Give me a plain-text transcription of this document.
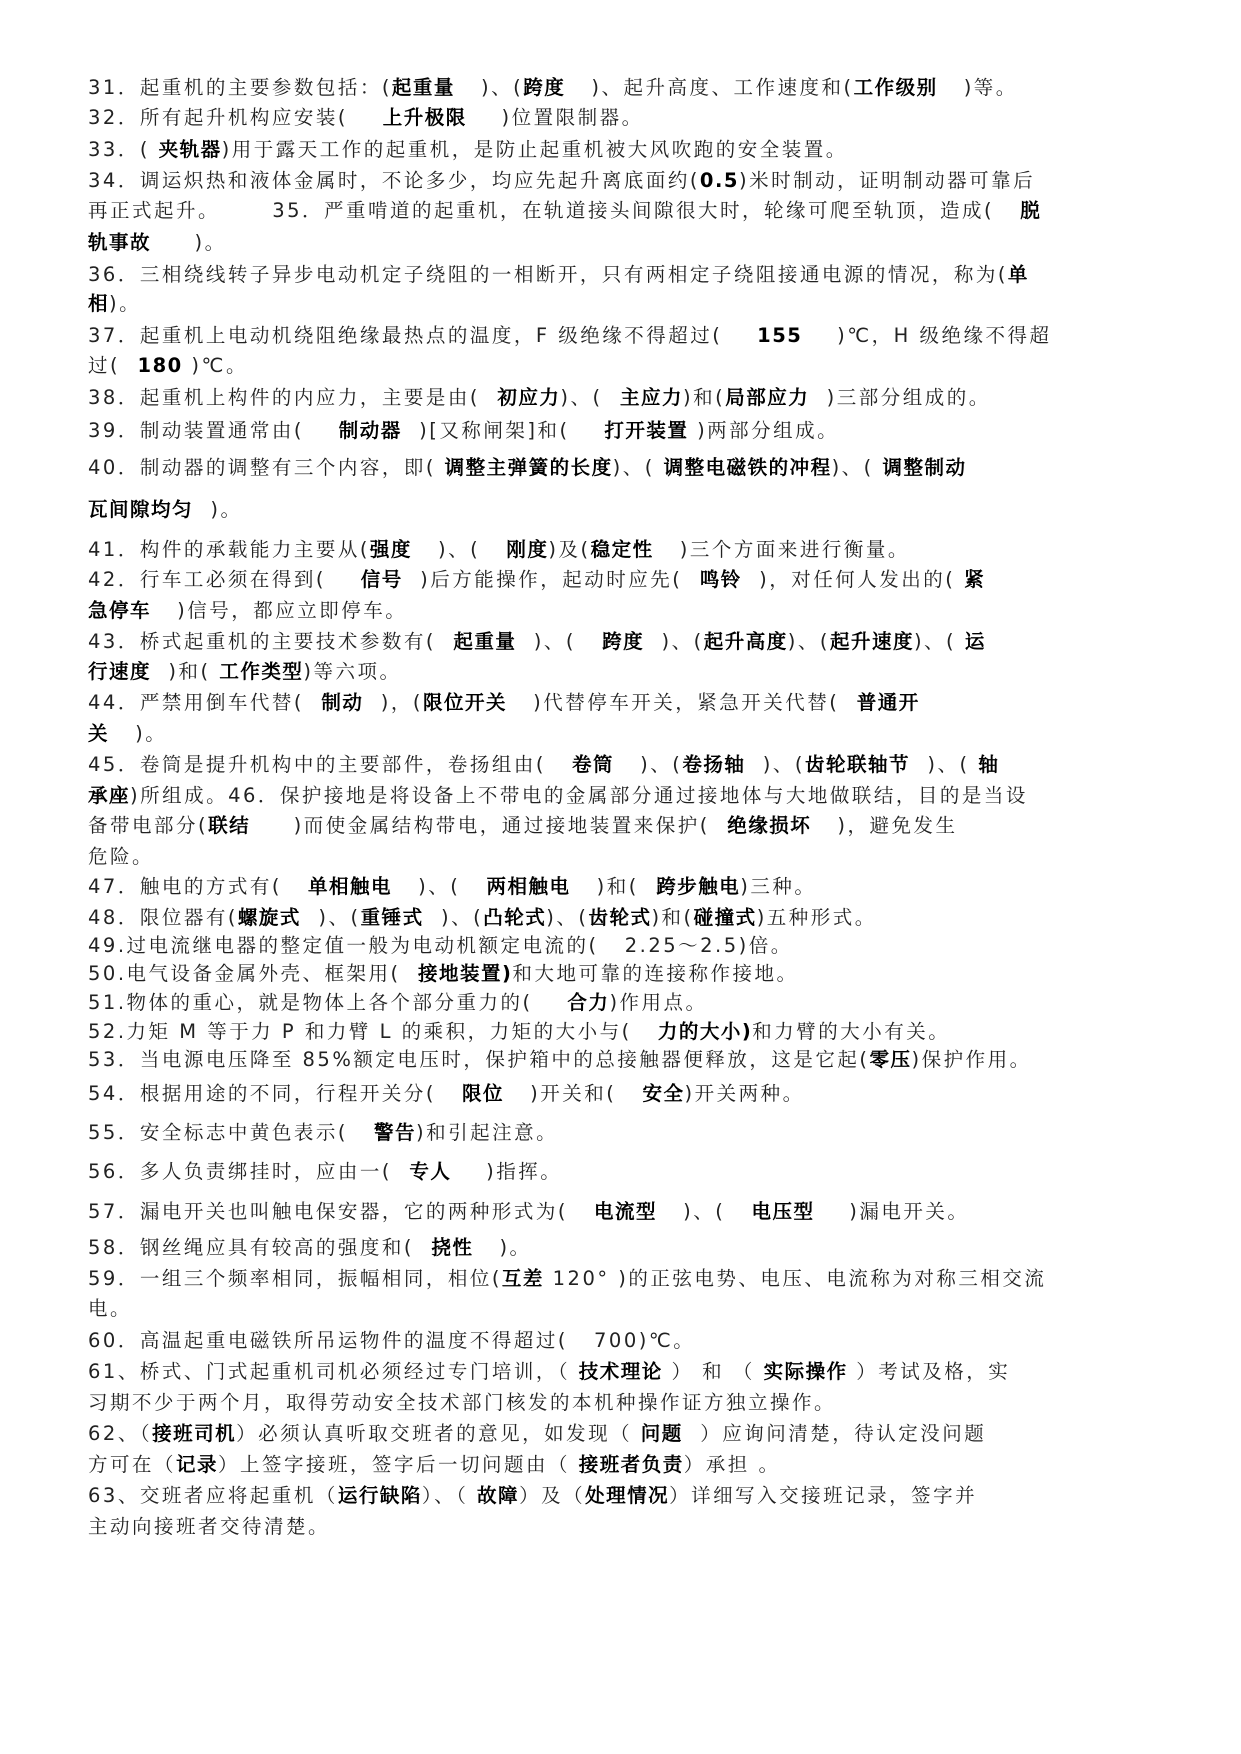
31．起重机的主要参数包括：(起重量   )、(跨度   )、起升高度、工作速度和(工作级别   )等。
32．所有起升机构应安装(    上升极限    )位置限制器。
33．( 夹轨器)用于露天工作的起重机，是防止起重机被大风吹跑的安全装置。
34．调运炽热和液体金属时，不论多少，均应先起升离底面约(0.5)米时制动，证明制动器可靠后
再正式起升。      35．严重啃道的起重机，在轨道接头间隙很大时，轮缘可爬至轨顶，造成(   脱
轨事故     )。
36．三相绕线转子异步电动机定子绕阻的一相断开，只有两相定子绕阻接通电源的情况，称为(单
相)。
37．起重机上电动机绕阻绝缘最热点的温度，F 级绝缘不得超过(    155    )℃，H 级绝缘不得超
过(  180 )℃。
38．起重机上构件的内应力，主要是由(  初应力)、(  主应力)和(局部应力  )三部分组成的。
39．制动装置通常由(    制动器  )[又称闸架]和(    打开装置 )两部分组成。
40．制动器的调整有三个内容，即( 调整主弹簧的长度)、( 调整电磁铁的冲程)、( 调整制动
瓦间隙均匀  )。
41．构件的承载能力主要从(强度   )、(   刚度)及(稳定性   )三个方面来进行衡量。
42．行车工必须在得到(    信号  )后方能操作，起动时应先(  鸣铃  )，对任何人发出的( 紧
急停车   )信号，都应立即停车。
43．桥式起重机的主要技术参数有(  起重量  )、(   跨度  )、(起升高度)、(起升速度)、( 运
行速度  )和( 工作类型)等六项。
44．严禁用倒车代替(  制动  )，(限位开关   )代替停车开关，紧急开关代替(  普通开
关   )。
45．卷筒是提升机构中的主要部件，卷扬组由(   卷筒   )、(卷扬轴  )、(齿轮联轴节  )、( 轴
承座)所组成。46．保护接地是将设备上不带电的金属部分通过接地体与大地做联结，目的是当设
备带电部分(联结     )而使金属结构带电，通过接地装置来保护(  绝缘损坏   )，避免发生
危险。
47．触电的方式有(   单相触电   )、(   两相触电   )和(  跨步触电)三种。
48．限位器有(螺旋式  )、(重锤式  )、(凸轮式)、(齿轮式)和(碰撞式)五种形式。
49.过电流继电器的整定值一般为电动机额定电流的(   2.25～2.5)倍。
50.电气设备金属外壳、框架用(  接地装置)和大地可靠的连接称作接地。
51.物体的重心，就是物体上各个部分重力的(    合力)作用点。
52.力矩 M 等于力 P 和力臂 L 的乘积，力矩的大小与(   力的大小)和力臂的大小有关。
53．当电源电压降至 85%额定电压时，保护箱中的总接触器便释放，这是它起(零压)保护作用。
54．根据用途的不同，行程开关分(   限位   )开关和(   安全)开关两种。
55．安全标志中黄色表示(   警告)和引起注意。
56．多人负责绑挂时，应由一(  专人    )指挥。
57．漏电开关也叫触电保安器，它的两种形式为(   电流型   )、(   电压型    )漏电开关。
58．钢丝绳应具有较高的强度和(  挠性   )。
59．一组三个频率相同，振幅相同，相位(互差 120° )的正弦电势、电压、电流称为对称三相交流
电。
60．高温起重电磁铁所吊运物件的温度不得超过(   700)℃。
61、桥式、门式起重机司机必须经过专门培训，（ 技术理论 ） 和 （ 实际操作 ）考试及格，实
习期不少于两个月，取得劳动安全技术部门核发的本机种操作证方独立操作。
62、（接班司机）必须认真听取交班者的意见，如发现（ 问题  ）应询问清楚，待认定没问题
方可在（记录）上签字接班，签字后一切问题由（ 接班者负责）承担 。
63、交班者应将起重机（运行缺陷）、（ 故障）及（处理情况）详细写入交接班记录，签字并
主动向接班者交待清楚。
